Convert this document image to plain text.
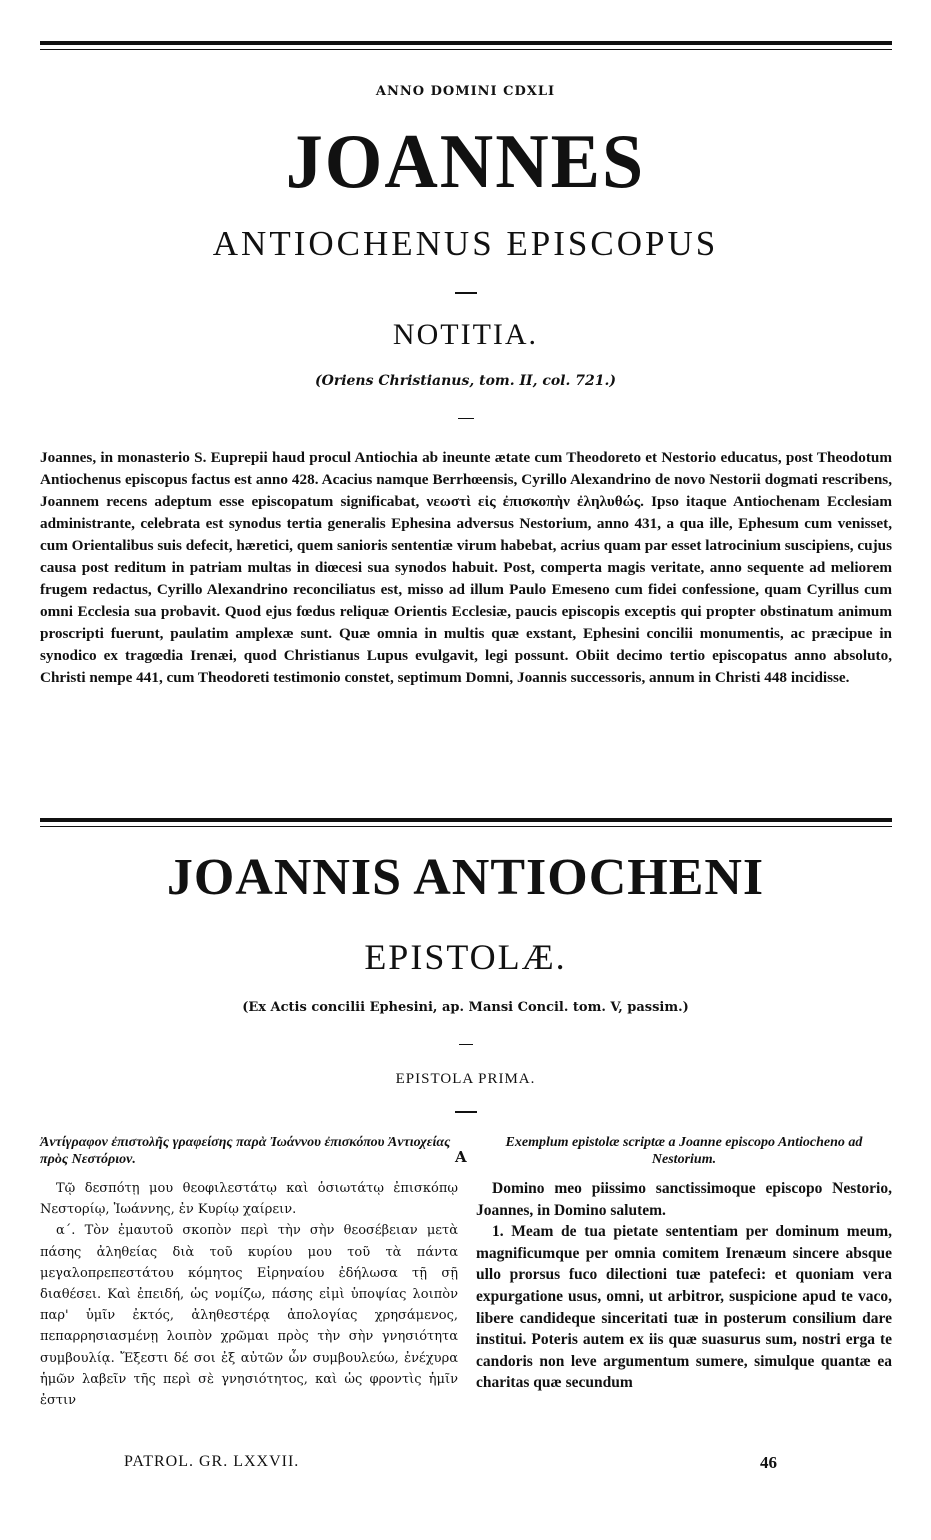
ANNO DOMINI CDXLI
JOANNES
ANTIOCHENUS EPISCOPUS
NOTITIA.
(Oriens Christianus, tom. II, col. 721.)
Joannes, in monasterio S. Euprepii haud procul Antiochia ab ineunte ætate cum Theodoreto et Nestorio educatus, post Theodotum Antiochenus episcopus factus est anno 428. Acacius namque Berrhœensis, Cyrillo Alexandrino de novo Nestorii dogmati rescribens, Joannem recens adeptum esse episcopatum significabat, νεωστὶ εἰς ἐπισκοπὴν ἐληλυθώς. Ipso itaque Antiochenam Ecclesiam administrante, celebrata est synodus tertia generalis Ephesina adversus Nestorium, anno 431, a qua ille, Ephesum cum venisset, cum Orientalibus suis defecit, hæretici, quem sanioris sententiæ virum habebat, acrius quam par esset latrocinium suscipiens, cujus causa post reditum in patriam multas in diœcesi sua synodos habuit. Post, comperta magis veritate, anno sequente ad meliorem frugem redactus, Cyrillo Alexandrino reconciliatus est, misso ad illum Paulo Emeseno cum fidei confessione, quam Cyrillus cum omni Ecclesia sua probavit. Quod ejus fœdus reliquæ Orientis Ecclesiæ, paucis episcopis exceptis qui propter obstinatum animum proscripti fuerunt, paulatim amplexæ sunt. Quæ omnia in multis quæ exstant, Ephesini concilii monumentis, ac præcipue in synodico ex tragœdia Irenæi, quod Christianus Lupus evulgavit, legi possunt. Obiit decimo tertio episcopatus anno absoluto, Christi nempe 441, cum Theodoreti testimonio constet, septimum Domni, Joannis successoris, annum in Christi 448 incidisse.
JOANNIS ANTIOCHENI
EPISTOLÆ.
(Ex Actis concilii Ephesini, ap. Mansi Concil. tom. V, passim.)
EPISTOLA PRIMA.
Ἀντίγραφον ἐπιστολῆς γραφείσης παρὰ Ἰωάννου ἐπισκόπου Ἀντιοχείας πρὸς Νεστόριον.
Τῷ δεσπότῃ μου θεοφιλεστάτῳ καὶ ὁσιωτάτῳ ἐπισκόπῳ Νεστορίῳ, Ἰωάννης, ἐν Κυρίῳ χαίρειν.
α΄. Τὸν ἐμαυτοῦ σκοπὸν περὶ τὴν σὴν θεοσέβειαν μετὰ πάσης ἀληθείας διὰ τοῦ κυρίου μου τοῦ τὰ πάντα μεγαλοπρεπεστάτου κόμητος Εἰρηναίου ἐδήλωσα τῇ σῇ διαθέσει. Καὶ ἐπειδή, ὡς νομίζω, πάσης εἰμὶ ὑποψίας λοιπὸν παρ' ὑμῖν ἐκτός, ἀληθεστέρᾳ ἀπολογίας χρησάμενος, πεπαρρησιασμένῃ λοιπὸν χρῶμαι πρὸς τὴν σὴν γνησιότητα συμβουλίᾳ. Ἔξεστι δέ σοι ἐξ αὐτῶν ὧν συμβουλεύω, ἐνέχυρα ἡμῶν λαβεῖν τῆς περὶ σὲ γνησιότητος, καὶ ὡς φροντὶς ἡμῖν ἐστιν
A
Exemplum epistolæ scriptæ a Joanne episcopo Antiocheno ad Nestorium.
Domino meo piissimo sanctissimoque episcopo Nestorio, Joannes, in Domino salutem.
1. Meam de tua pietate sententiam per dominum meum, magnificumque per omnia comitem Irenæum sincere absque ullo prorsus fuco dilectioni tuæ patefeci: et quoniam vera expurgatione usus, omni, ut arbitror, suspicione apud te vaco, libere candideque sinceritati tuæ in posterum consilium dare institui. Poteris autem ex iis quæ suasurus sum, nostri erga te candoris non leve argumentum sumere, simulque quantæ ea charitas quæ secundum
PATROL. GR. LXXVII.	46
